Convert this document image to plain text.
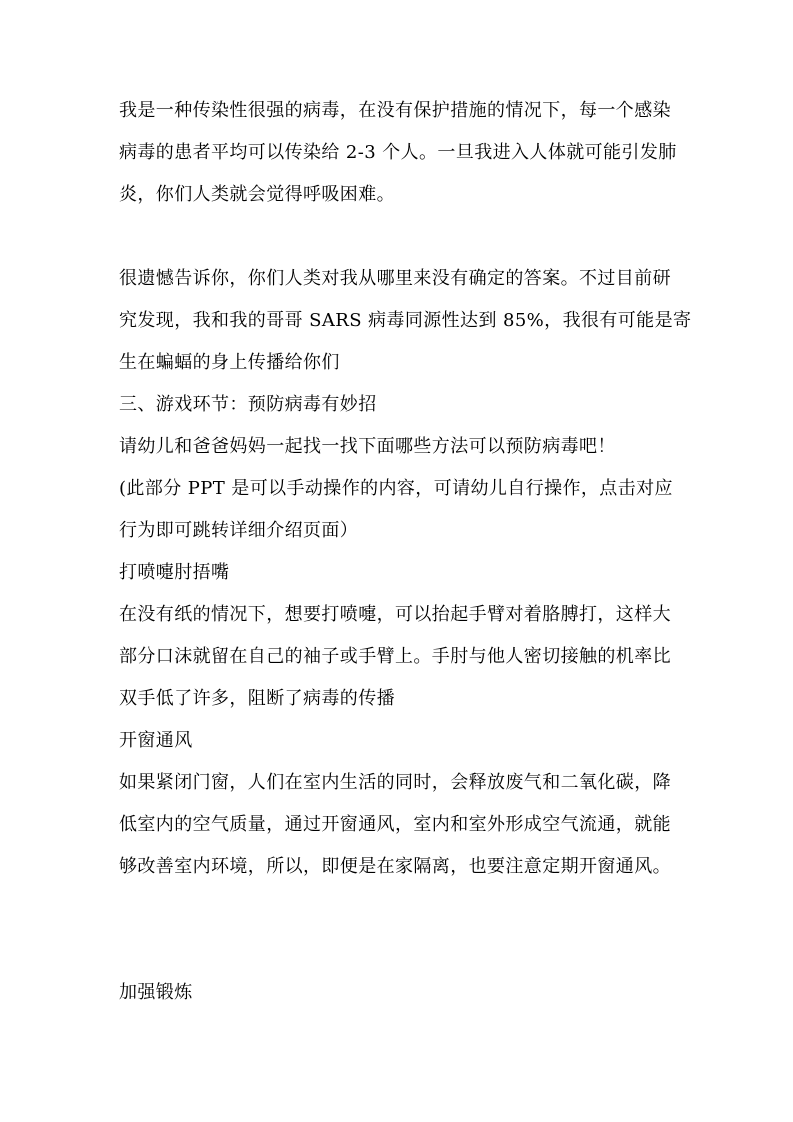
我是一种传染性很强的病毒，在没有保护措施的情况下，每一个感染
病毒的患者平均可以传染给 2-3 个人。一旦我进入人体就可能引发肺
炎，你们人类就会觉得呼吸困难。
很遗憾告诉你，你们人类对我从哪里来没有确定的答案。不过目前研
究发现，我和我的哥哥 SARS 病毒同源性达到 85%，我很有可能是寄
生在蝙蝠的身上传播给你们
三、游戏环节：预防病毒有妙招
请幼儿和爸爸妈妈一起找一找下面哪些方法可以预防病毒吧！
(此部分 PPT 是可以手动操作的内容，可请幼儿自行操作，点击对应
行为即可跳转详细介绍页面）
打喷嚏肘捂嘴
在没有纸的情况下，想要打喷嚏，可以抬起手臂对着胳膊打，这样大
部分口沫就留在自己的袖子或手臂上。手肘与他人密切接触的机率比
双手低了许多，阻断了病毒的传播
开窗通风
如果紧闭门窗，人们在室内生活的同时，会释放废气和二氧化碳，降
低室内的空气质量，通过开窗通风，室内和室外形成空气流通，就能
够改善室内环境，所以，即便是在家隔离，也要注意定期开窗通风。
加强锻炼
